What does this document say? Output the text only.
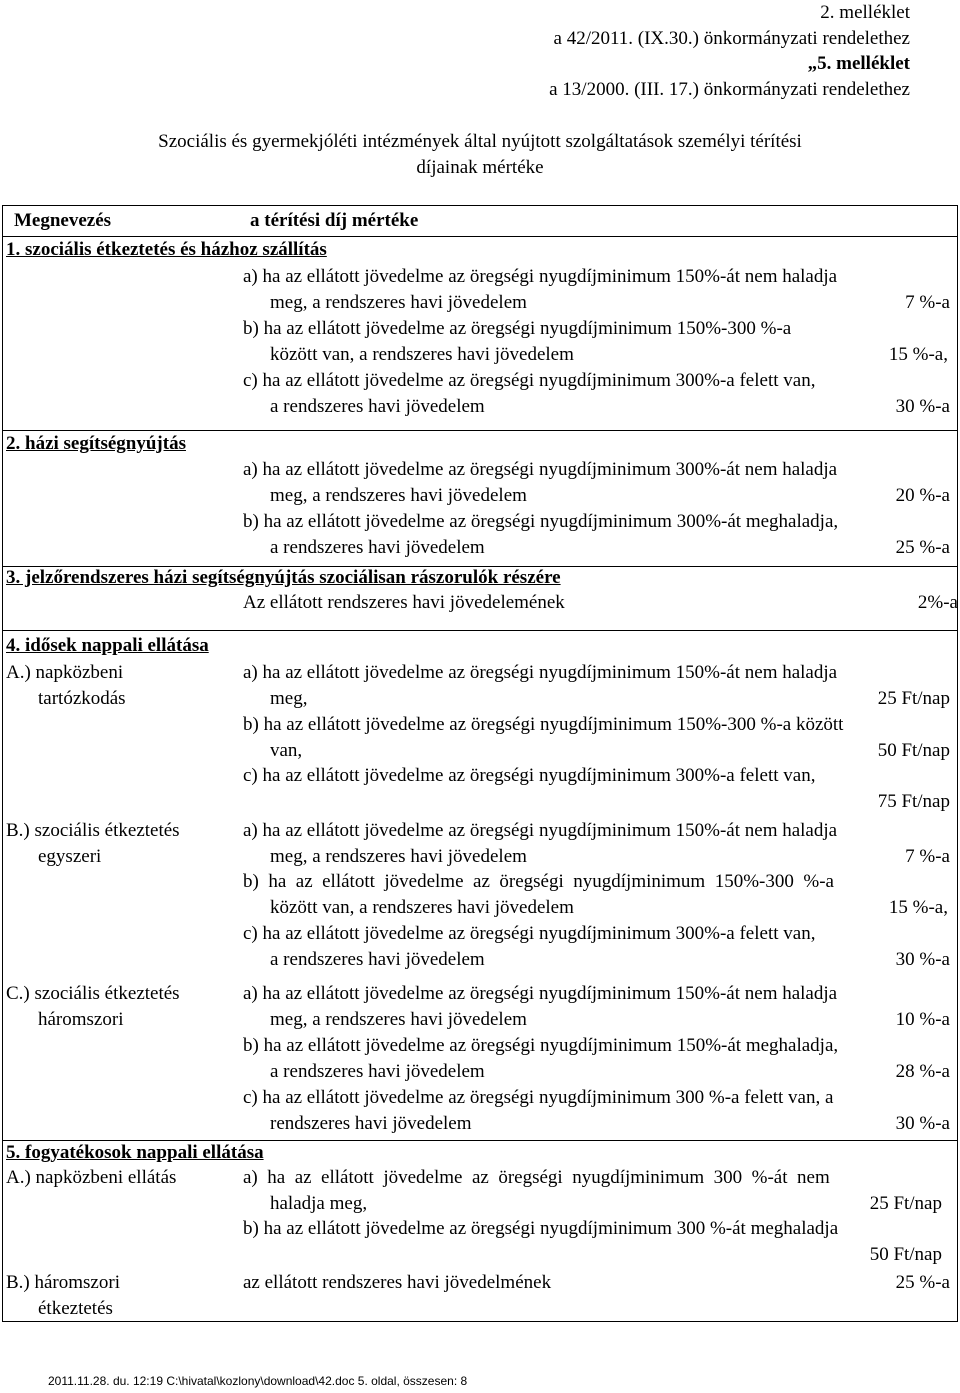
2. melléklet
a 42/2011. (IX.30.) önkormányzati rendelethez
„5. melléklet
a 13/2000. (III. 17.) önkormányzati rendelethez
Szociális és gyermekjóléti intézmények által nyújtott szolgáltatások személyi térítési
díjainak mértéke
Megnevezés	a térítési díj mértéke
1. szociális étkeztetés és házhoz szállítás
a) ha az ellátott jövedelme az öregségi nyugdíjminimum 150%-át nem haladja
meg, a rendszeres havi jövedelem	7 %-a
b) ha az ellátott jövedelme az öregségi nyugdíjminimum 150%-300 %-a
között van, a rendszeres havi jövedelem	15 %-a,
c) ha az ellátott jövedelme az öregségi nyugdíjminimum 300%-a felett van,
a rendszeres havi jövedelem	30 %-a
2. házi segítségnyújtás
a) ha az ellátott jövedelme az öregségi nyugdíjminimum 300%-át nem haladja
meg, a rendszeres havi jövedelem	20 %-a
b) ha az ellátott jövedelme az öregségi nyugdíjminimum 300%-át meghaladja,
a rendszeres havi jövedelem	25 %-a
3. jelzőrendszeres házi segítségnyújtás szociálisan rászorulók részére
Az ellátott rendszeres havi jövedelemének	2%-a
4. idősek nappali ellátása
A.) napközbeni
tartózkodás
a) ha az ellátott jövedelme az öregségi nyugdíjminimum 150%-át nem haladja
meg,	25 Ft/nap
b) ha az ellátott jövedelme az öregségi nyugdíjminimum 150%-300 %-a között
van,	50 Ft/nap
c) ha az ellátott jövedelme az öregségi nyugdíjminimum 300%-a felett van,
75 Ft/nap
B.) szociális étkeztetés
egyszeri
a) ha az ellátott jövedelme az öregségi nyugdíjminimum 150%-át nem haladja
meg, a rendszeres havi jövedelem	7 %-a
b)  ha  az  ellátott  jövedelme  az  öregségi  nyugdíjminimum  150%-300  %-a
között van, a rendszeres havi jövedelem	15 %-a,
c) ha az ellátott jövedelme az öregségi nyugdíjminimum 300%-a felett van,
a rendszeres havi jövedelem	30 %-a
C.) szociális étkeztetés
háromszori
a) ha az ellátott jövedelme az öregségi nyugdíjminimum 150%-át nem haladja
meg, a rendszeres havi jövedelem	10 %-a
b) ha az ellátott jövedelme az öregségi nyugdíjminimum 150%-át meghaladja,
a rendszeres havi jövedelem	28 %-a
c) ha az ellátott jövedelme az öregségi nyugdíjminimum 300 %-a felett van, a
rendszeres havi jövedelem	30 %-a
5. fogyatékosok nappali ellátása
A.) napközbeni ellátás	a)  ha  az  ellátott  jövedelme  az  öregségi  nyugdíjminimum  300  %-át  nem
haladja meg,	25 Ft/nap
b) ha az ellátott jövedelme az öregségi nyugdíjminimum 300 %-át meghaladja
50 Ft/nap
B.) háromszori
étkeztetés
az ellátott rendszeres havi jövedelmének	25 %-a
2011.11.28. du. 12:19 C:\hivatal\kozlony\download\42.doc 5. oldal, összesen: 8
